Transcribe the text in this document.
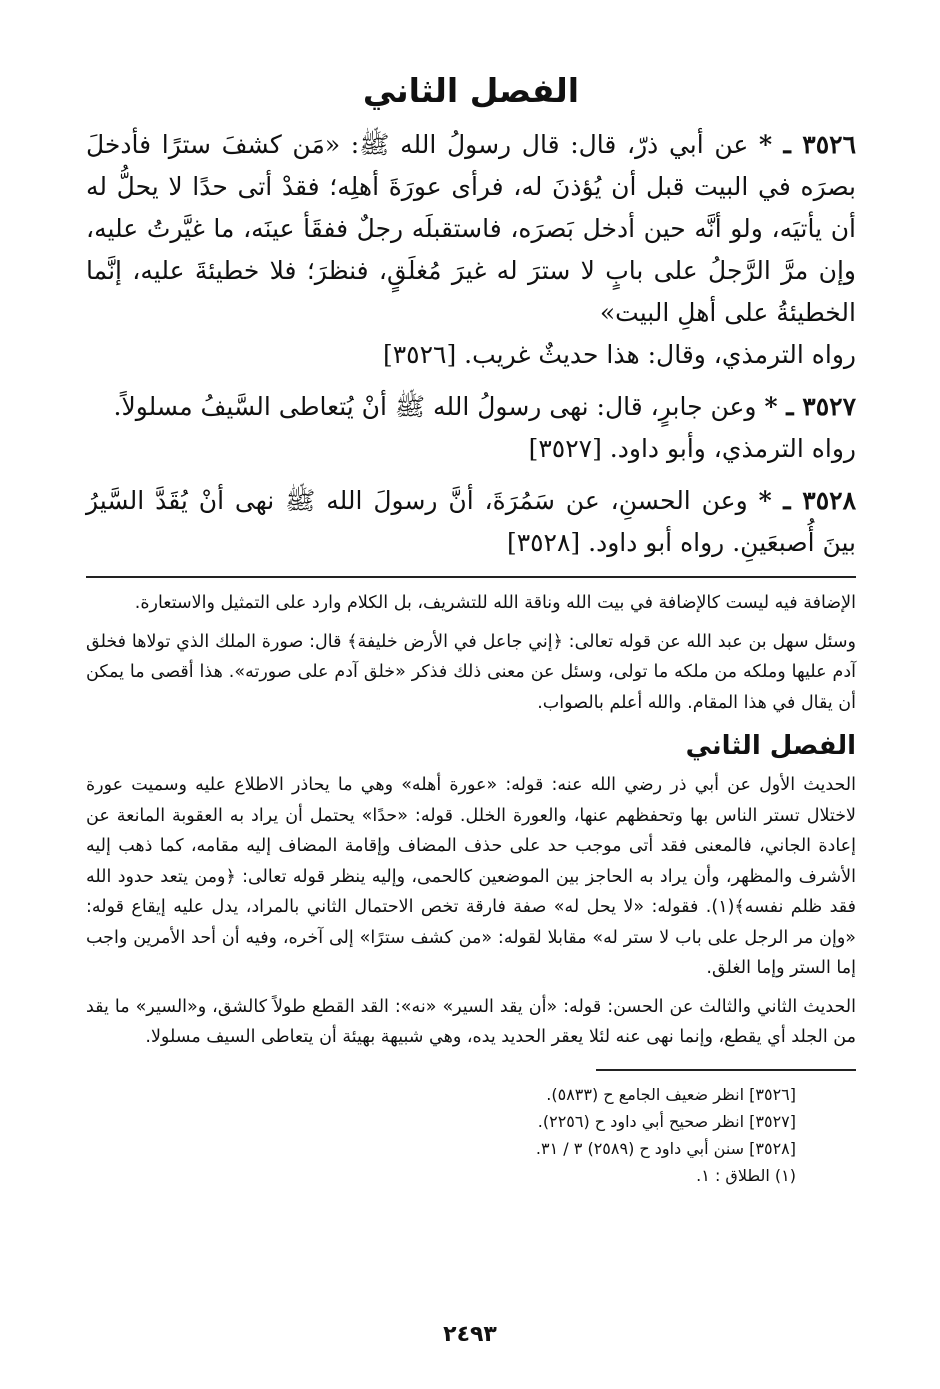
الفصل الثاني

٣٥٢٦ ـ * عن أبي ذرّ، قال: قال رسولُ الله ﷺ: «مَن كشفَ سترًا فأدخلَ بصرَه في البيت قبل أن يُؤذنَ له، فرأى عورَةَ أهلِه؛ فقدْ أتى حدًا لا يحلُّ له أن يأتيَه، ولو أنَّه حين أدخل بَصرَه، فاستقبلَه رجلٌ ففقَأ عينَه، ما غيَّرتُ عليه، وإن مرَّ الرَّجلُ على بابٍ لا سترَ له غيرَ مُغلَقٍ، فنظرَ؛ فلا خطيئةَ عليه، إنَّما الخطيئةُ على أهلِ البيت»
رواه الترمذي، وقال: هذا حديثٌ غريب. [٣٥٢٦]

٣٥٢٧ ـ * وعن جابرٍ، قال: نهى رسولُ الله ﷺ أنْ يُتعاطى السَّيفُ مسلولاً.
رواه الترمذي، وأبو داود. [٣٥٢٧]

٣٥٢٨ ـ * وعن الحسنِ، عن سَمُرَةَ، أنَّ رسولَ الله ﷺ نهى أنْ يُقَدَّ السَّيرُ بينَ أُصبعَينِ. رواه أبو داود. [٣٥٢٨]

الإضافة فيه ليست كالإضافة في بيت الله وناقة الله للتشريف، بل الكلام وارد على التمثيل والاستعارة.

وسئل سهل بن عبد الله عن قوله تعالى: ﴿إني جاعل في الأرض خليفة﴾ قال: صورة الملك الذي تولاها فخلق آدم عليها وملكه من ملكه ما تولى، وسئل عن معنى ذلك فذكر «خلق آدم على صورته». هذا أقصى ما يمكن أن يقال في هذا المقام. والله أعلم بالصواب.

الفصل الثاني

الحديث الأول عن أبي ذر رضي الله عنه: قوله: «عورة أهله» وهي ما يحاذر الاطلاع عليه وسميت عورة لاختلال تستر الناس بها وتحفظهم عنها، والعورة الخلل. قوله: «حدًا» يحتمل أن يراد به العقوبة المانعة عن إعادة الجاني، فالمعنى فقد أتى موجب حد على حذف المضاف وإقامة المضاف إليه مقامه، كما ذهب إليه الأشرف والمظهر، وأن يراد به الحاجز بين الموضعين كالحمى، وإليه ينظر قوله تعالى: ﴿ومن يتعد حدود الله فقد ظلم نفسه﴾(١). فقوله: «لا يحل له» صفة فارقة تخص الاحتمال الثاني بالمراد، يدل عليه إيقاع قوله: «وإن مر الرجل على باب لا ستر له» مقابلا لقوله: «من كشف سترًا» إلى آخره، وفيه أن أحد الأمرين واجب إما الستر وإما الغلق.

الحديث الثاني والثالث عن الحسن: قوله: «أن يقد السير» «نه»: القد القطع طولاً كالشق، و«السير» ما يقد من الجلد أي يقطع، وإنما نهى عنه لئلا يعقر الحديد يده، وهي شبيهة بهيئة أن يتعاطى السيف مسلولا.

[٣٥٢٦] انظر ضعيف الجامع ح (٥٨٣٣).
[٣٥٢٧] انظر صحيح أبي داود ح (٢٢٥٦).
[٣٥٢٨] سنن أبي داود ح (٢٥٨٩) ٣ / ٣١.
(١) الطلاق : ١.
٢٤٩٣
